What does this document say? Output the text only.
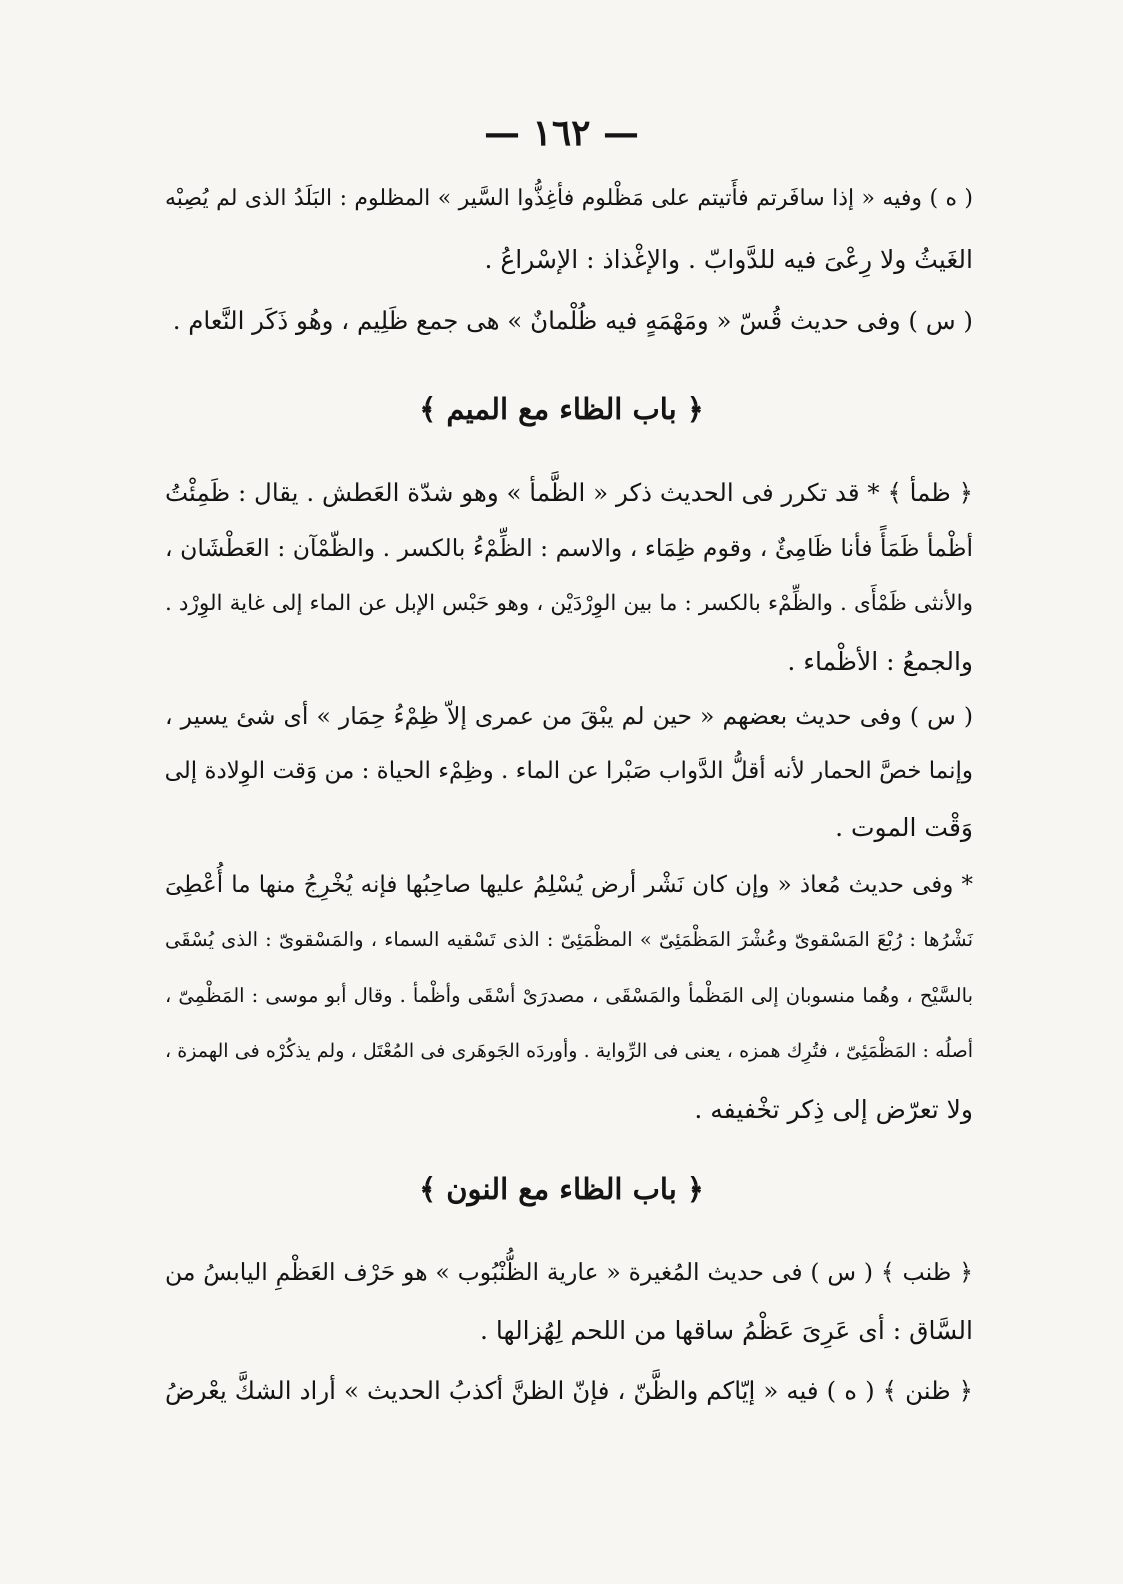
— ١٦٢ —
( ه ) وفيه « إذا سافَرتم فأَتيتم على مَظْلوم فأغِذُّوا السَّير » المظلوم : البَلَدُ الذى لم يُصِبْه
الغَيثُ ولا رِعْىَ فيه للدَّوابّ . والإغْذاذ : الإسْراعُ .
( س ) وفى حديث قُسّ « ومَهْمَهٍ فيه ظُلْمانٌ » هى جمع ظَلِيم ، وهُو ذَكَر النَّعام .
﴿ باب الظاء مع الميم ﴾
﴿ ظمأ ﴾ * قد تكرر فى الحديث ذكر « الظَّمأ » وهو شدّة العَطش . يقال : ظَمِئْتُ
أظْمأ ظَمَأً فأنا ظَامِئٌ ، وقوم ظِمَاء ، والاسم : الظِّمْءُ بالكسر . والظّمْآن : العَطْشَان ،
والأنثى ظَمْأَى . والظِّمْء بالكسر : ما بين الوِرْدَيْن ، وهو حَبْس الإبل عن الماء إلى غاية الوِرْد .
والجمعُ : الأظْماء .
( س ) وفى حديث بعضهم « حين لم يبْقَ من عمرى إلاّ ظِمْءُ حِمَار » أى شئ يسير ،
وإنما خصَّ الحمار لأنه أقلُّ الدَّواب صَبْرا عن الماء . وظِمْء الحياة : من وَقت الوِلادة إلى
وَقْت الموت .
* وفى حديث مُعاذ « وإن كان نَشْر أرض يُسْلِمُ عليها صاحِبُها فإنه يُخْرِجُ منها ما أُعْطِىَ
نَشْرُها : رُبْعَ المَسْقوىّ وعُشْرَ المَظْمَئِىّ » المظْمَئِىّ : الذى تَسْقيه السماء ، والمَسْقوىّ : الذى يُسْقَى
بالسَّيْح ، وهُما منسوبان إلى المَظْمأ والمَسْقَى ، مصدرَىْ أسْقَى وأظْمأ . وقال أبو موسى : المَظْمِىّ ،
أصلُه : المَظْمَئِىّ ، فتُرِك همزه ، يعنى فى الرِّواية . وأوردَه الجَوهَرى فى المُعْتَل ، ولم يذكُرْه فى الهمزة ،
ولا تعرّض إلى ذِكر تخْفيفه .
﴿ باب الظاء مع النون ﴾
﴿ ظنب ﴾ ( س ) فى حديث المُغيرة « عارية الظُّنْبُوب » هو حَرْف العَظْمِ اليابسُ من
السَّاق : أى عَرِىَ عَظْمُ ساقها من اللحم لِهُزالها .
﴿ ظنن ﴾ ( ه ) فيه « إيّاكم والظَّنّ ، فإنّ الظنَّ أكذبُ الحديث » أراد الشكَّ يعْرضُ
